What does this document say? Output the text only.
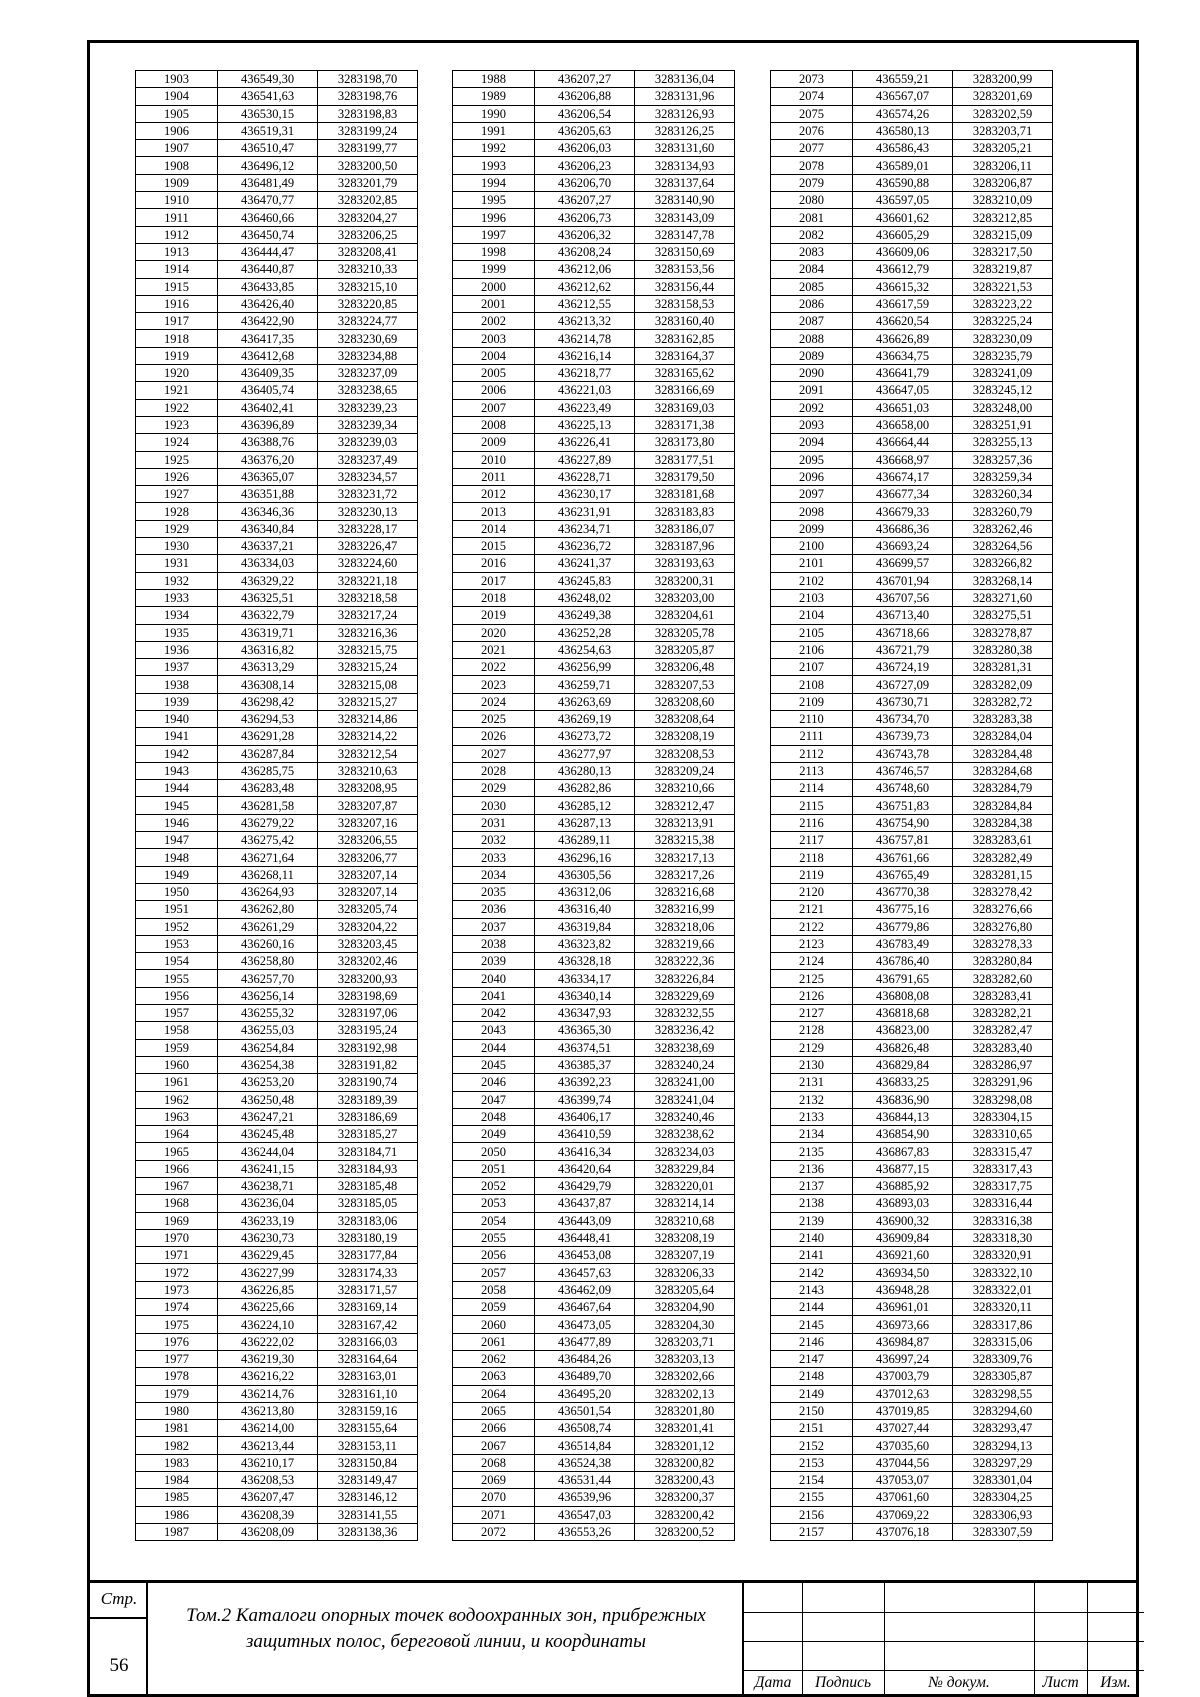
1903	436549,30	3283198,70
1904	436541,63	3283198,76
1905	436530,15	3283198,83
1906	436519,31	3283199,24
1907	436510,47	3283199,77
1908	436496,12	3283200,50
1909	436481,49	3283201,79
1910	436470,77	3283202,85
1911	436460,66	3283204,27
1912	436450,74	3283206,25
1913	436444,47	3283208,41
1914	436440,87	3283210,33
1915	436433,85	3283215,10
1916	436426,40	3283220,85
1917	436422,90	3283224,77
1918	436417,35	3283230,69
1919	436412,68	3283234,88
1920	436409,35	3283237,09
1921	436405,74	3283238,65
1922	436402,41	3283239,23
1923	436396,89	3283239,34
1924	436388,76	3283239,03
1925	436376,20	3283237,49
1926	436365,07	3283234,57
1927	436351,88	3283231,72
1928	436346,36	3283230,13
1929	436340,84	3283228,17
1930	436337,21	3283226,47
1931	436334,03	3283224,60
1932	436329,22	3283221,18
1933	436325,51	3283218,58
1934	436322,79	3283217,24
1935	436319,71	3283216,36
1936	436316,82	3283215,75
1937	436313,29	3283215,24
1938	436308,14	3283215,08
1939	436298,42	3283215,27
1940	436294,53	3283214,86
1941	436291,28	3283214,22
1942	436287,84	3283212,54
1943	436285,75	3283210,63
1944	436283,48	3283208,95
1945	436281,58	3283207,87
1946	436279,22	3283207,16
1947	436275,42	3283206,55
1948	436271,64	3283206,77
1949	436268,11	3283207,14
1950	436264,93	3283207,14
1951	436262,80	3283205,74
1952	436261,29	3283204,22
1953	436260,16	3283203,45
1954	436258,80	3283202,46
1955	436257,70	3283200,93
1956	436256,14	3283198,69
1957	436255,32	3283197,06
1958	436255,03	3283195,24
1959	436254,84	3283192,98
1960	436254,38	3283191,82
1961	436253,20	3283190,74
1962	436250,48	3283189,39
1963	436247,21	3283186,69
1964	436245,48	3283185,27
1965	436244,04	3283184,71
1966	436241,15	3283184,93
1967	436238,71	3283185,48
1968	436236,04	3283185,05
1969	436233,19	3283183,06
1970	436230,73	3283180,19
1971	436229,45	3283177,84
1972	436227,99	3283174,33
1973	436226,85	3283171,57
1974	436225,66	3283169,14
1975	436224,10	3283167,42
1976	436222,02	3283166,03
1977	436219,30	3283164,64
1978	436216,22	3283163,01
1979	436214,76	3283161,10
1980	436213,80	3283159,16
1981	436214,00	3283155,64
1982	436213,44	3283153,11
1983	436210,17	3283150,84
1984	436208,53	3283149,47
1985	436207,47	3283146,12
1986	436208,39	3283141,55
1987	436208,09	3283138,36
1988	436207,27	3283136,04
1989	436206,88	3283131,96
1990	436206,54	3283126,93
1991	436205,63	3283126,25
1992	436206,03	3283131,60
1993	436206,23	3283134,93
1994	436206,70	3283137,64
1995	436207,27	3283140,90
1996	436206,73	3283143,09
1997	436206,32	3283147,78
1998	436208,24	3283150,69
1999	436212,06	3283153,56
2000	436212,62	3283156,44
2001	436212,55	3283158,53
2002	436213,32	3283160,40
2003	436214,78	3283162,85
2004	436216,14	3283164,37
2005	436218,77	3283165,62
2006	436221,03	3283166,69
2007	436223,49	3283169,03
2008	436225,13	3283171,38
2009	436226,41	3283173,80
2010	436227,89	3283177,51
2011	436228,71	3283179,50
2012	436230,17	3283181,68
2013	436231,91	3283183,83
2014	436234,71	3283186,07
2015	436236,72	3283187,96
2016	436241,37	3283193,63
2017	436245,83	3283200,31
2018	436248,02	3283203,00
2019	436249,38	3283204,61
2020	436252,28	3283205,78
2021	436254,63	3283205,87
2022	436256,99	3283206,48
2023	436259,71	3283207,53
2024	436263,69	3283208,60
2025	436269,19	3283208,64
2026	436273,72	3283208,19
2027	436277,97	3283208,53
2028	436280,13	3283209,24
2029	436282,86	3283210,66
2030	436285,12	3283212,47
2031	436287,13	3283213,91
2032	436289,11	3283215,38
2033	436296,16	3283217,13
2034	436305,56	3283217,26
2035	436312,06	3283216,68
2036	436316,40	3283216,99
2037	436319,84	3283218,06
2038	436323,82	3283219,66
2039	436328,18	3283222,36
2040	436334,17	3283226,84
2041	436340,14	3283229,69
2042	436347,93	3283232,55
2043	436365,30	3283236,42
2044	436374,51	3283238,69
2045	436385,37	3283240,24
2046	436392,23	3283241,00
2047	436399,74	3283241,04
2048	436406,17	3283240,46
2049	436410,59	3283238,62
2050	436416,34	3283234,03
2051	436420,64	3283229,84
2052	436429,79	3283220,01
2053	436437,87	3283214,14
2054	436443,09	3283210,68
2055	436448,41	3283208,19
2056	436453,08	3283207,19
2057	436457,63	3283206,33
2058	436462,09	3283205,64
2059	436467,64	3283204,90
2060	436473,05	3283204,30
2061	436477,89	3283203,71
2062	436484,26	3283203,13
2063	436489,70	3283202,66
2064	436495,20	3283202,13
2065	436501,54	3283201,80
2066	436508,74	3283201,41
2067	436514,84	3283201,12
2068	436524,38	3283200,82
2069	436531,44	3283200,43
2070	436539,96	3283200,37
2071	436547,03	3283200,42
2072	436553,26	3283200,52
2073	436559,21	3283200,99
2074	436567,07	3283201,69
2075	436574,26	3283202,59
2076	436580,13	3283203,71
2077	436586,43	3283205,21
2078	436589,01	3283206,11
2079	436590,88	3283206,87
2080	436597,05	3283210,09
2081	436601,62	3283212,85
2082	436605,29	3283215,09
2083	436609,06	3283217,50
2084	436612,79	3283219,87
2085	436615,32	3283221,53
2086	436617,59	3283223,22
2087	436620,54	3283225,24
2088	436626,89	3283230,09
2089	436634,75	3283235,79
2090	436641,79	3283241,09
2091	436647,05	3283245,12
2092	436651,03	3283248,00
2093	436658,00	3283251,91
2094	436664,44	3283255,13
2095	436668,97	3283257,36
2096	436674,17	3283259,34
2097	436677,34	3283260,34
2098	436679,33	3283260,79
2099	436686,36	3283262,46
2100	436693,24	3283264,56
2101	436699,57	3283266,82
2102	436701,94	3283268,14
2103	436707,56	3283271,60
2104	436713,40	3283275,51
2105	436718,66	3283278,87
2106	436721,79	3283280,38
2107	436724,19	3283281,31
2108	436727,09	3283282,09
2109	436730,71	3283282,72
2110	436734,70	3283283,38
2111	436739,73	3283284,04
2112	436743,78	3283284,48
2113	436746,57	3283284,68
2114	436748,60	3283284,79
2115	436751,83	3283284,84
2116	436754,90	3283284,38
2117	436757,81	3283283,61
2118	436761,66	3283282,49
2119	436765,49	3283281,15
2120	436770,38	3283278,42
2121	436775,16	3283276,66
2122	436779,86	3283276,80
2123	436783,49	3283278,33
2124	436786,40	3283280,84
2125	436791,65	3283282,60
2126	436808,08	3283283,41
2127	436818,68	3283282,21
2128	436823,00	3283282,47
2129	436826,48	3283283,40
2130	436829,84	3283286,97
2131	436833,25	3283291,96
2132	436836,90	3283298,08
2133	436844,13	3283304,15
2134	436854,90	3283310,65
2135	436867,83	3283315,47
2136	436877,15	3283317,43
2137	436885,92	3283317,75
2138	436893,03	3283316,44
2139	436900,32	3283316,38
2140	436909,84	3283318,30
2141	436921,60	3283320,91
2142	436934,50	3283322,10
2143	436948,28	3283322,01
2144	436961,01	3283320,11
2145	436973,66	3283317,86
2146	436984,87	3283315,06
2147	436997,24	3283309,76
2148	437003,79	3283305,87
2149	437012,63	3283298,55
2150	437019,85	3283294,60
2151	437027,44	3283293,47
2152	437035,60	3283294,13
2153	437044,56	3283297,29
2154	437053,07	3283301,04
2155	437061,60	3283304,25
2156	437069,22	3283306,93
2157	437076,18	3283307,59
Стр.
56
Том.2 Каталоги опорных точек водоохранных зон, прибрежных защитных полос, береговой линии, и координаты
Дата	Подпись	№ докум.	Лист	Изм.
